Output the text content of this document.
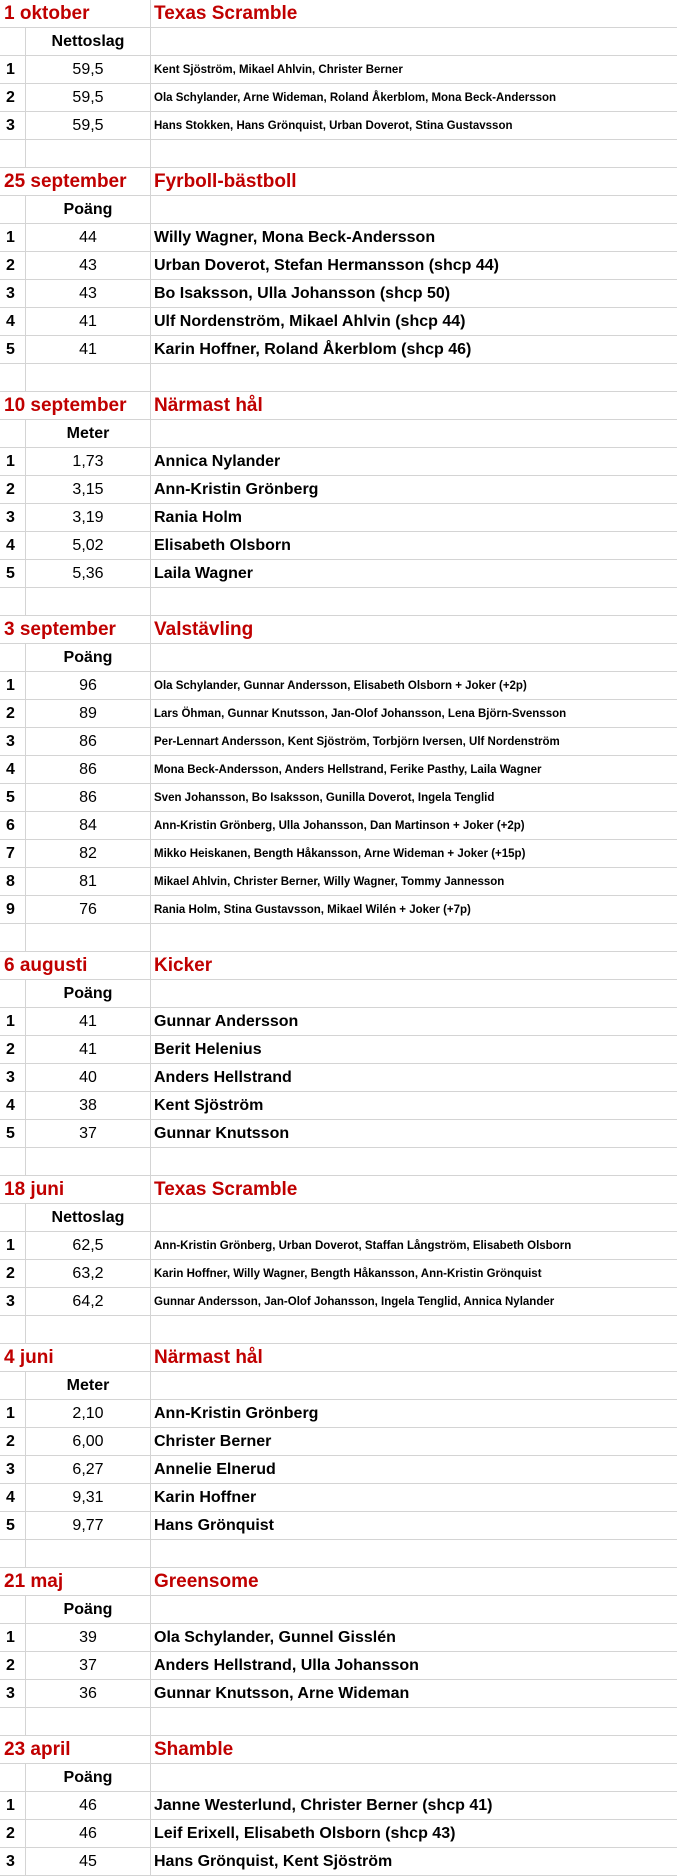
1 oktober	Texas Scramble
Nettoslag
1	59,5	Kent Sjöström, Mikael Ahlvin, Christer Berner
2	59,5	Ola Schylander, Arne Wideman, Roland Åkerblom, Mona Beck-Andersson
3	59,5	Hans Stokken, Hans Grönquist, Urban Doverot, Stina Gustavsson
25 september	Fyrboll-bästboll
Poäng
1	44	Willy Wagner, Mona Beck-Andersson
2	43	Urban Doverot, Stefan Hermansson (shcp 44)
3	43	Bo Isaksson, Ulla Johansson (shcp 50)
4	41	Ulf Nordenström, Mikael Ahlvin (shcp 44)
5	41	Karin Hoffner, Roland Åkerblom (shcp 46)
10 september	Närmast hål
Meter
1	1,73	Annica Nylander
2	3,15	Ann-Kristin Grönberg
3	3,19	Rania Holm
4	5,02	Elisabeth Olsborn
5	5,36	Laila Wagner
3 september	Valstävling
Poäng
1	96	Ola Schylander, Gunnar Andersson, Elisabeth Olsborn + Joker (+2p)
2	89	Lars Öhman, Gunnar Knutsson, Jan-Olof Johansson, Lena Björn-Svensson
3	86	Per-Lennart Andersson, Kent Sjöström, Torbjörn Iversen, Ulf Nordenström
4	86	Mona Beck-Andersson, Anders Hellstrand, Ferike Pasthy, Laila Wagner
5	86	Sven Johansson, Bo Isaksson, Gunilla Doverot, Ingela Tenglid
6	84	Ann-Kristin Grönberg, Ulla Johansson, Dan Martinson + Joker (+2p)
7	82	Mikko Heiskanen, Bength Håkansson, Arne Wideman + Joker (+15p)
8	81	Mikael Ahlvin, Christer Berner, Willy Wagner, Tommy Jannesson
9	76	Rania Holm, Stina Gustavsson, Mikael Wilén + Joker (+7p)
6 augusti	Kicker
Poäng
1	41	Gunnar Andersson
2	41	Berit Helenius
3	40	Anders Hellstrand
4	38	Kent Sjöström
5	37	Gunnar Knutsson
18 juni	Texas Scramble
Nettoslag
1	62,5	Ann-Kristin Grönberg, Urban Doverot, Staffan Långström, Elisabeth Olsborn
2	63,2	Karin Hoffner, Willy Wagner, Bength Håkansson, Ann-Kristin Grönquist
3	64,2	Gunnar Andersson, Jan-Olof Johansson, Ingela Tenglid, Annica Nylander
4 juni	Närmast hål
Meter
1	2,10	Ann-Kristin Grönberg
2	6,00	Christer Berner
3	6,27	Annelie Elnerud
4	9,31	Karin Hoffner
5	9,77	Hans Grönquist
21 maj	Greensome
Poäng
1	39	Ola Schylander, Gunnel Gisslén
2	37	Anders Hellstrand, Ulla Johansson
3	36	Gunnar Knutsson, Arne Wideman
23 april	Shamble
Poäng
1	46	Janne Westerlund, Christer Berner (shcp 41)
2	46	Leif Erixell, Elisabeth Olsborn (shcp 43)
3	45	Hans Grönquist, Kent Sjöström
